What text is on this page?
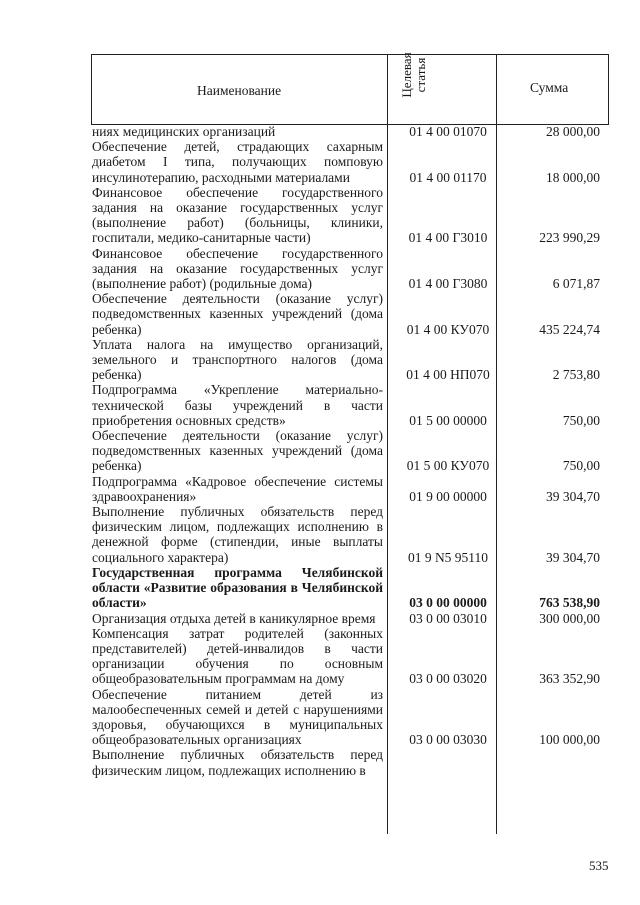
Наименование	Целевая статья	Сумма
ниях медицинских организаций	01 4 00 01070	28 000,00
Обеспечение детей, страдающих сахарным диабетом I типа, получающих помповую инсулинотерапию, расходными материалами	01 4 00 01170	18 000,00
Финансовое обеспечение государственного задания на оказание государственных услуг (выполнение работ) (больницы, клиники, госпитали, медико-санитарные части)	01 4 00 Г3010	223 990,29
Финансовое обеспечение государственного задания на оказание государственных услуг (выполнение работ) (родильные дома)	01 4 00 Г3080	6 071,87
Обеспечение деятельности (оказание услуг) подведомственных казенных учреждений (дома ребенка)	01 4 00 КУ070	435 224,74
Уплата налога на имущество организаций, земельного и транспортного налогов (дома ребенка)	01 4 00 НП070	2 753,80
Подпрограмма «Укрепление материально-технической базы учреждений в части приобретения основных средств»	01 5 00 00000	750,00
Обеспечение деятельности (оказание услуг) подведомственных казенных учреждений (дома ребенка)	01 5 00 КУ070	750,00
Подпрограмма «Кадровое обеспечение системы здравоохранения»	01 9 00 00000	39 304,70
Выполнение публичных обязательств перед физическим лицом, подлежащих исполнению в денежной форме (стипендии, иные выплаты социального характера)	01 9 N5 95110	39 304,70
Государственная программа Челябинской области «Развитие образования в Челябинской области»	03 0 00 00000	763 538,90
Организация отдыха детей в каникулярное время	03 0 00 03010	300 000,00
Компенсация затрат родителей (законных представителей) детей-инвалидов в части организации обучения по основным общеобразовательным программам на дому	03 0 00 03020	363 352,90
Обеспечение питанием детей из малообеспеченных семей и детей с нарушениями здоровья, обучающихся в муниципальных общеобразовательных организациях	03 0 00 03030	100 000,00
Выполнение публичных обязательств перед физическим лицом, подлежащих исполнению в
535
